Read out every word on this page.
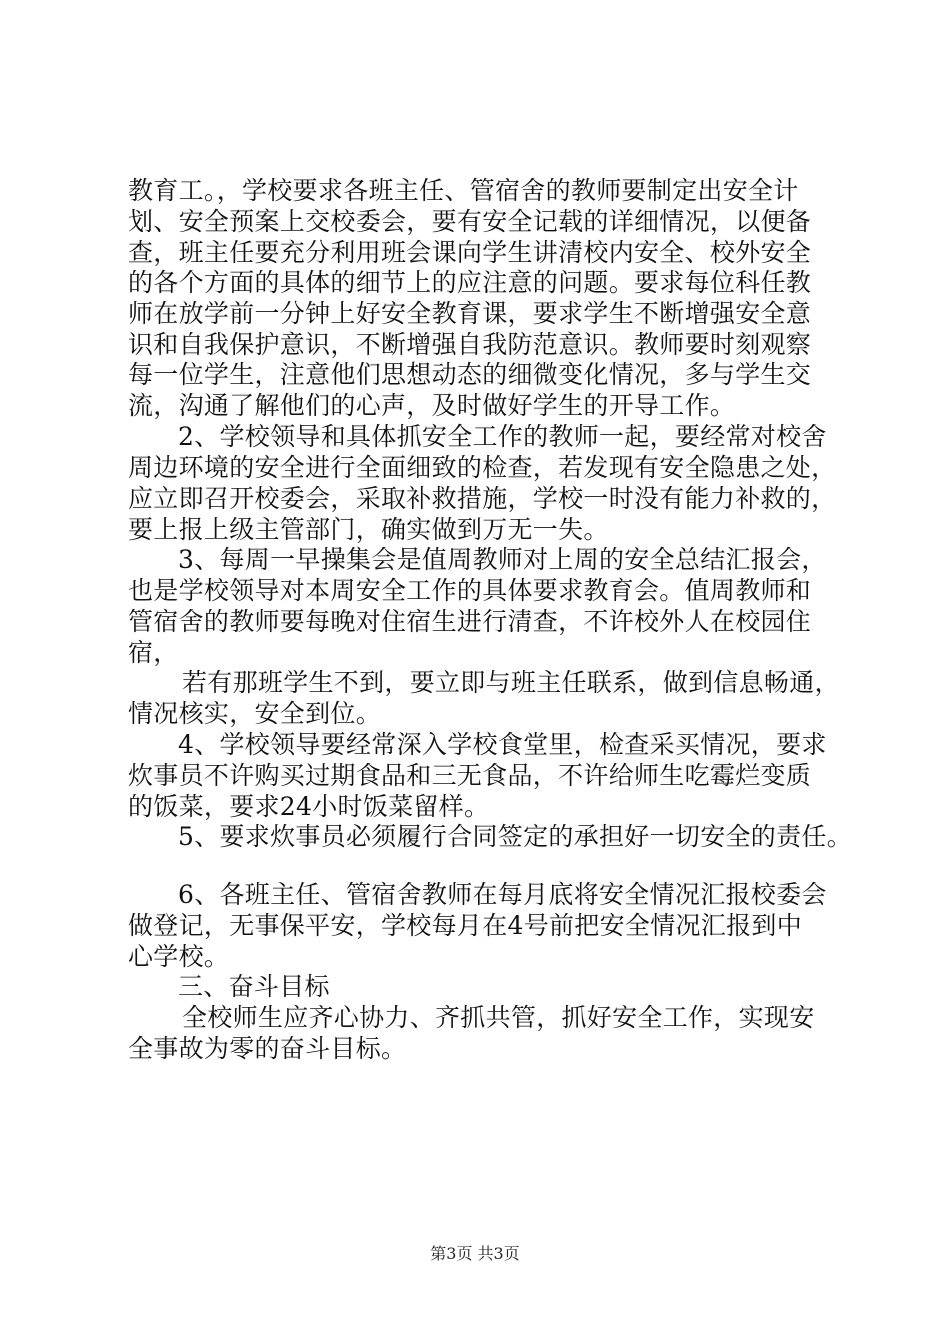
教育工。，学校要求各班主任、管宿舍的教师要制定出安全计
划、安全预案上交校委会，要有安全记载的详细情况，以便备
查，班主任要充分利用班会课向学生讲清校内安全、校外安全
的各个方面的具体的细节上的应注意的问题。要求每位科任教
师在放学前一分钟上好安全教育课，要求学生不断增强安全意
识和自我保护意识，不断增强自我防范意识。教师要时刻观察
每一位学生，注意他们思想动态的细微变化情况，多与学生交
流，沟通了解他们的心声，及时做好学生的开导工作。
2、学校领导和具体抓安全工作的教师一起，要经常对校舍
周边环境的安全进行全面细致的检查，若发现有安全隐患之处，
应立即召开校委会，采取补救措施，学校一时没有能力补救的，
要上报上级主管部门，确实做到万无一失。
3、每周一早操集会是值周教师对上周的安全总结汇报会，
也是学校领导对本周安全工作的具体要求教育会。值周教师和
管宿舍的教师要每晚对住宿生进行清查，不许校外人在校园住
宿，
若有那班学生不到，要立即与班主任联系，做到信息畅通，
情况核实，安全到位。
4、学校领导要经常深入学校食堂里，检查采买情况，要求
炊事员不许购买过期食品和三无食品，不许给师生吃霉烂变质
的饭菜，要求24小时饭菜留样。
5、要求炊事员必须履行合同签定的承担好一切安全的责任。
6、各班主任、管宿舍教师在每月底将安全情况汇报校委会
做登记，无事保平安，学校每月在4号前把安全情况汇报到中
心学校。
三、奋斗目标
全校师生应齐心协力、齐抓共管，抓好安全工作，实现安
全事故为零的奋斗目标。
第3页 共3页
